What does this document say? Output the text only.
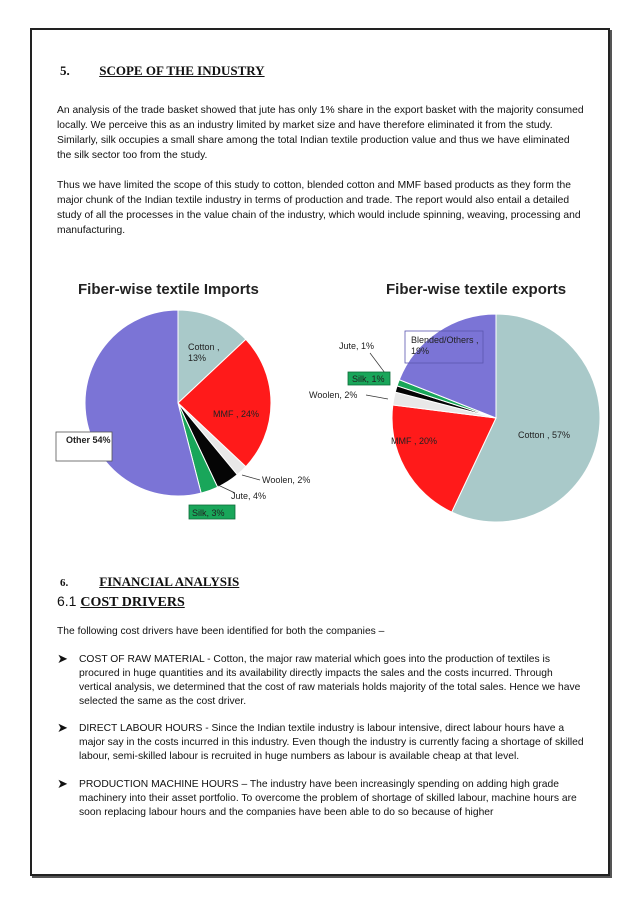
5. SCOPE OF THE INDUSTRY

An analysis of the trade basket showed that jute has only 1% share in the export basket with the majority consumed locally. We perceive this as an industry limited by market size and have therefore eliminated it from the study. Similarly, silk occupies a small share among the total Indian textile production value and thus we have eliminated the silk sector too from the study.

Thus we have limited the scope of this study to cotton, blended cotton and MMF based products as they form the major chunk of the Indian textile industry in terms of production and trade. The report would also entail a detailed study of all the processes in the value chain of the industry, which would include spinning, weaving, processing and manufacturing.

Fiber-wise textile Imports	Fiber-wise textile exports
Cotton ,
13%
MMF , 24%
Woolen, 2%
Jute, 4%
Silk, 3%
Other 54%	Cotton , 57%
MMF , 20%
Woolen, 2%
Jute, 1%
Silk, 1%
Blended/Others ,
19%
6. FINANCIAL ANALYSIS
6.1 COST DRIVERS

The following cost drivers have been identified for both the companies –

➤ COST OF RAW MATERIAL - Cotton, the major raw material which goes into the production of textiles is procured in huge quantities and its availability directly impacts the sales and the costs incurred. Through vertical analysis, we determined that the cost of raw materials holds majority of the total sales. Hence we have selected the same as the cost driver.
➤ DIRECT LABOUR HOURS - Since the Indian textile industry is labour intensive, direct labour hours have a major say in the costs incurred in this industry. Even though the industry is currently facing a shortage of skilled labour, semi-skilled labour is recruited in huge numbers as labour is available cheap at that level.
➤ PRODUCTION MACHINE HOURS – The industry have been increasingly spending on adding high grade machinery into their asset portfolio. To overcome the problem of shortage of skilled labour, machine hours are soon replacing labour hours and the companies have been able to do so because of higher
